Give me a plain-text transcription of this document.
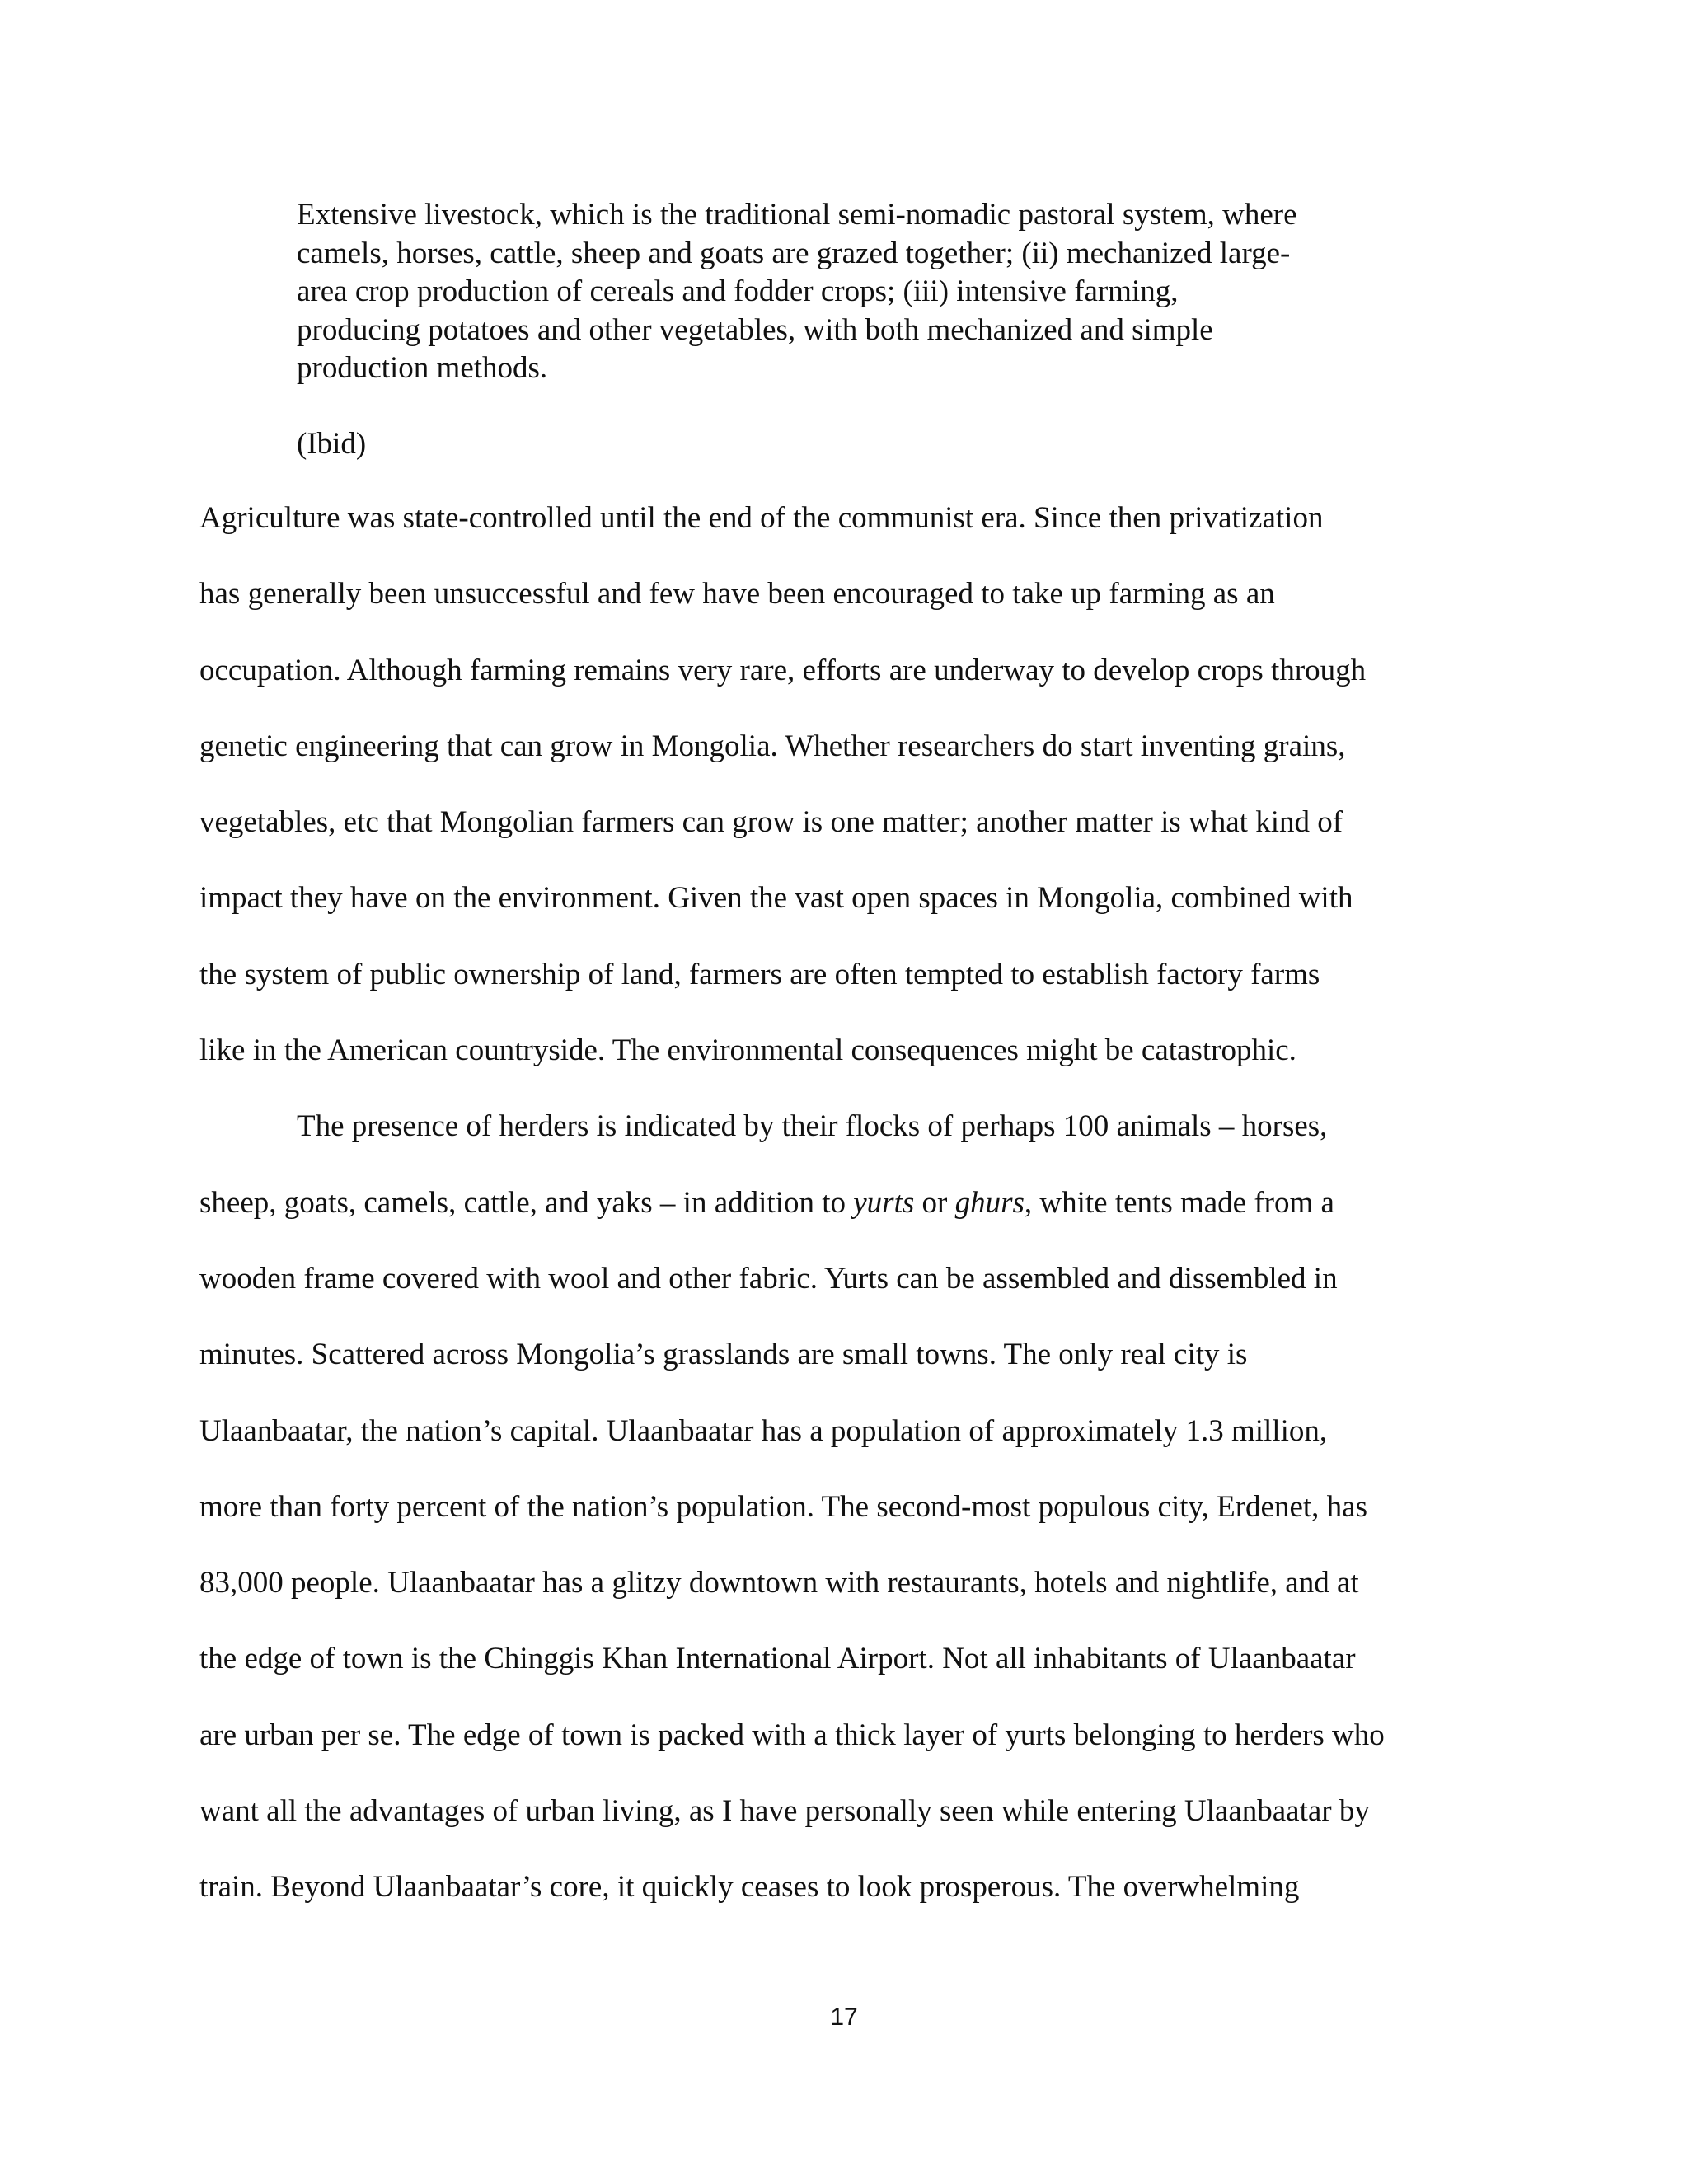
Extensive livestock, which is the traditional semi-nomadic pastoral system, where
camels, horses, cattle, sheep and goats are grazed together; (ii) mechanized large-
area crop production of cereals and fodder crops; (iii) intensive farming,
producing potatoes and other vegetables, with both mechanized and simple
production methods.
(Ibid)
Agriculture was state-controlled until the end of the communist era. Since then privatization
has generally been unsuccessful and few have been encouraged to take up farming as an
occupation. Although farming remains very rare, efforts are underway to develop crops through
genetic engineering that can grow in Mongolia. Whether researchers do start inventing grains,
vegetables, etc that Mongolian farmers can grow is one matter; another matter is what kind of
impact they have on the environment. Given the vast open spaces in Mongolia, combined with
the system of public ownership of land, farmers are often tempted to establish factory farms
like in the American countryside. The environmental consequences might be catastrophic.
The presence of herders is indicated by their flocks of perhaps 100 animals – horses,
sheep, goats, camels, cattle, and yaks – in addition to yurts or ghurs, white tents made from a
wooden frame covered with wool and other fabric. Yurts can be assembled and dissembled in
minutes. Scattered across Mongolia’s grasslands are small towns. The only real city is
Ulaanbaatar, the nation’s capital. Ulaanbaatar has a population of approximately 1.3 million,
more than forty percent of the nation’s population. The second-most populous city, Erdenet, has
83,000 people. Ulaanbaatar has a glitzy downtown with restaurants, hotels and nightlife, and at
the edge of town is the Chinggis Khan International Airport. Not all inhabitants of Ulaanbaatar
are urban per se. The edge of town is packed with a thick layer of yurts belonging to herders who
want all the advantages of urban living, as I have personally seen while entering Ulaanbaatar by
train. Beyond Ulaanbaatar’s core, it quickly ceases to look prosperous. The overwhelming
17
